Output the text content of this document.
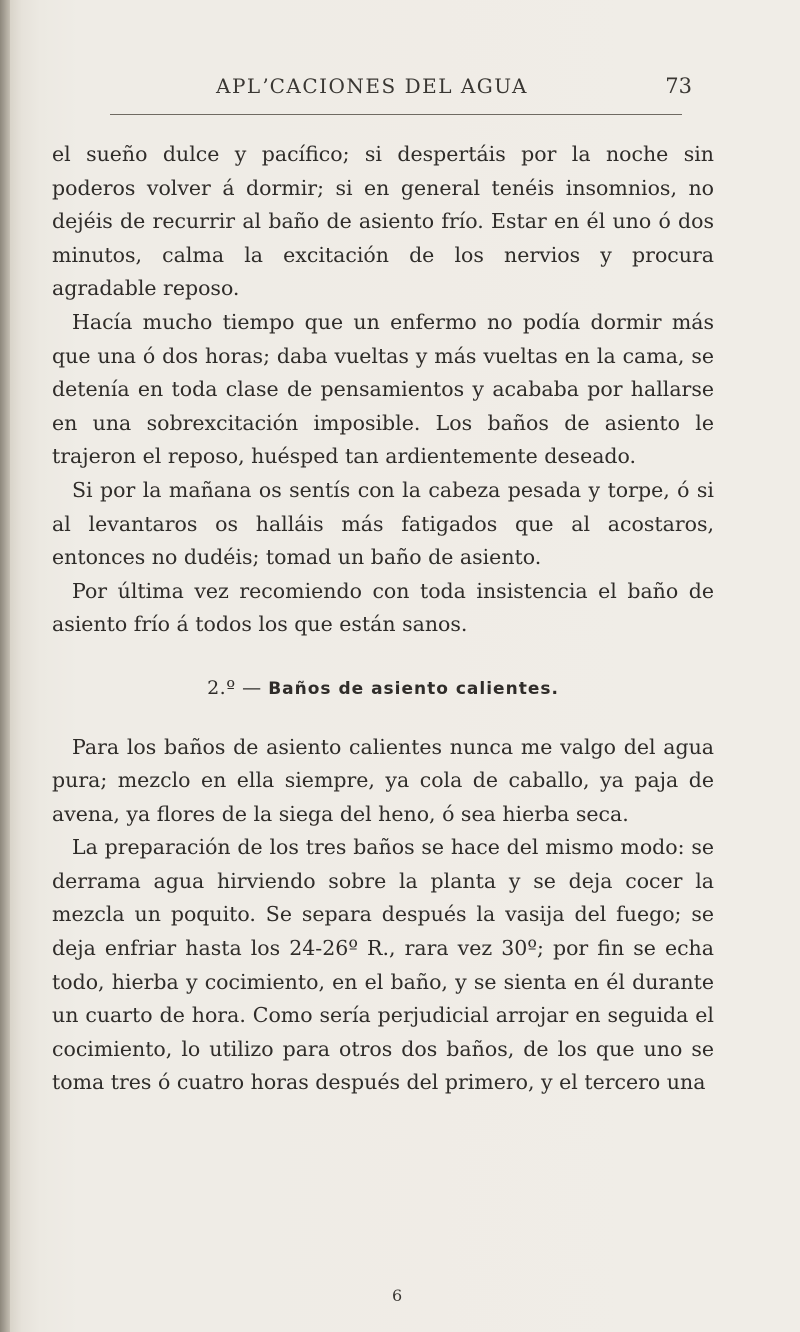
APLʼCACIONES DEL AGUA	73

el sueño dulce y pacífico; si despertáis por la noche sin poderos volver á dormir; si en general tenéis insomnios, no dejéis de recurrir al baño de asiento frío. Estar en él uno ó dos minutos, calma la excitación de los nervios y procura agradable reposo.

Hacía mucho tiempo que un enfermo no podía dormir más que una ó dos horas; daba vueltas y más vueltas en la cama, se detenía en toda clase de pensamientos y acababa por hallarse en una sobrexcitación imposible. Los baños de asiento le trajeron el reposo, huésped tan ardientemente deseado.

Si por la mañana os sentís con la cabeza pesada y torpe, ó si al levantaros os halláis más fatigados que al acostaros, entonces no dudéis; tomad un baño de asiento.

Por última vez recomiendo con toda insistencia el baño de asiento frío á todos los que están sanos.

2.º — Baños de asiento calientes.

Para los baños de asiento calientes nunca me valgo del agua pura; mezclo en ella siempre, ya cola de caballo, ya paja de avena, ya flores de la siega del heno, ó sea hierba seca.

La preparación de los tres baños se hace del mismo modo: se derrama agua hirviendo sobre la planta y se deja cocer la mezcla un poquito. Se separa después la vasija del fuego; se deja enfriar hasta los 24-26º R., rara vez 30º; por fin se echa todo, hierba y cocimiento, en el baño, y se sienta en él durante un cuarto de hora. Como sería perjudicial arrojar en seguida el cocimiento, lo utilizo para otros dos baños, de los que uno se toma tres ó cuatro horas después del primero, y el tercero una

6
